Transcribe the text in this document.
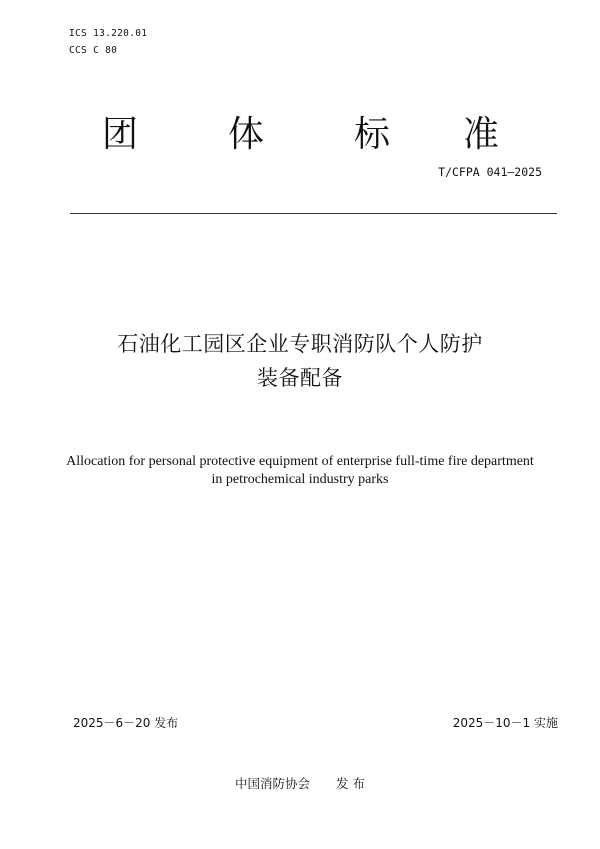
ICS 13.220.01
CCS C 80
团 体 标 准
T/CFPA 041—2025
石油化工园区企业专职消防队个人防护
装备配备
Allocation for personal protective equipment of enterprise full-time fire department
in petrochemical industry parks
2025－6－20 发布	2025－10－1 实施
中国消防协会 发 布
